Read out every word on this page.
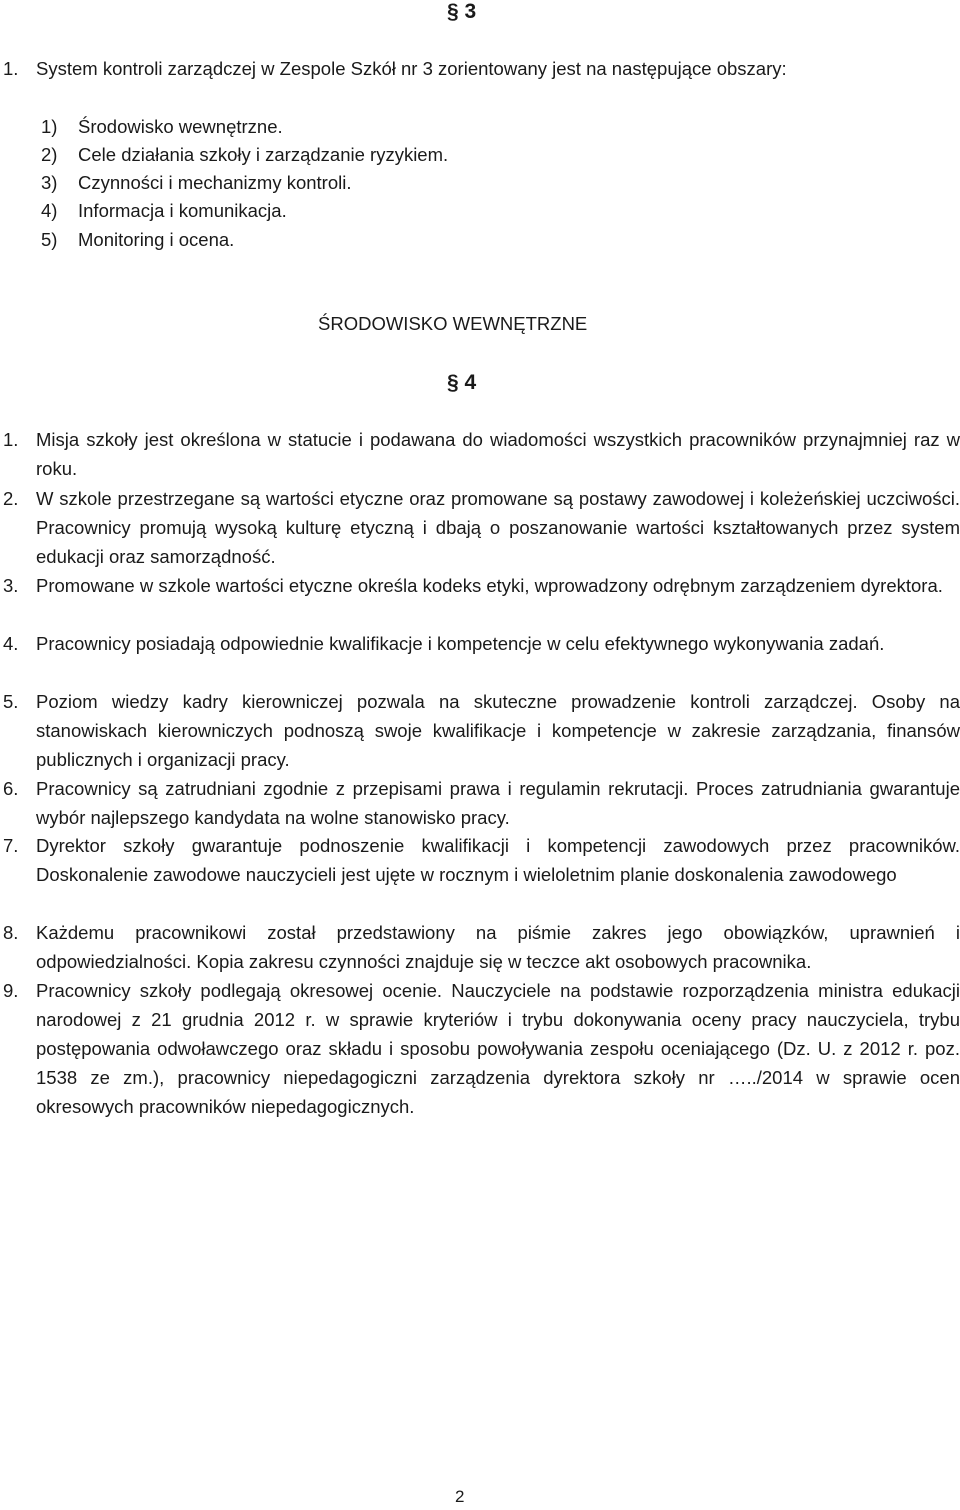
§ 3
1. System kontroli zarządczej w Zespole Szkół nr 3 zorientowany jest na następujące obszary:
1) Środowisko wewnętrzne.
2) Cele działania szkoły i zarządzanie ryzykiem.
3) Czynności i mechanizmy kontroli.
4) Informacja i komunikacja.
5) Monitoring i ocena.
ŚRODOWISKO WEWNĘTRZNE
§ 4
1. Misja szkoły jest określona w statucie i podawana do wiadomości wszystkich pracowników przynajmniej raz w roku.
2. W szkole przestrzegane są wartości etyczne oraz promowane są postawy zawodowej i koleżeńskiej uczciwości. Pracownicy promują wysoką kulturę etyczną i dbają o poszanowanie wartości kształtowanych przez system edukacji oraz samorządność.
3. Promowane w szkole wartości etyczne określa kodeks etyki, wprowadzony odrębnym zarządzeniem dyrektora.
4. Pracownicy posiadają odpowiednie kwalifikacje i kompetencje w celu efektywnego wykonywania zadań.
5. Poziom wiedzy kadry kierowniczej pozwala na skuteczne prowadzenie kontroli zarządczej. Osoby na stanowiskach kierowniczych podnoszą swoje kwalifikacje i kompetencje w zakresie zarządzania, finansów publicznych i organizacji pracy.
6. Pracownicy są zatrudniani zgodnie z przepisami prawa i regulamin rekrutacji. Proces zatrudniania gwarantuje wybór najlepszego kandydata na wolne stanowisko pracy.
7. Dyrektor szkoły gwarantuje podnoszenie kwalifikacji i kompetencji zawodowych przez pracowników. Doskonalenie zawodowe nauczycieli jest ujęte w rocznym i wieloletnim planie doskonalenia zawodowego
8. Każdemu pracownikowi został przedstawiony na piśmie zakres jego obowiązków, uprawnień i odpowiedzialności. Kopia zakresu czynności znajduje się w teczce akt osobowych pracownika.
9. Pracownicy szkoły podlegają okresowej ocenie. Nauczyciele na podstawie rozporządzenia ministra edukacji narodowej z 21 grudnia 2012 r. w sprawie kryteriów i trybu dokonywania oceny pracy nauczyciela, trybu postępowania odwoławczego oraz składu i sposobu powoływania zespołu oceniającego (Dz. U. z 2012 r. poz. 1538 ze zm.), pracownicy niepedagogiczni zarządzenia dyrektora szkoły nr …../2014 w sprawie ocen okresowych pracowników niepedagogicznych.
2
